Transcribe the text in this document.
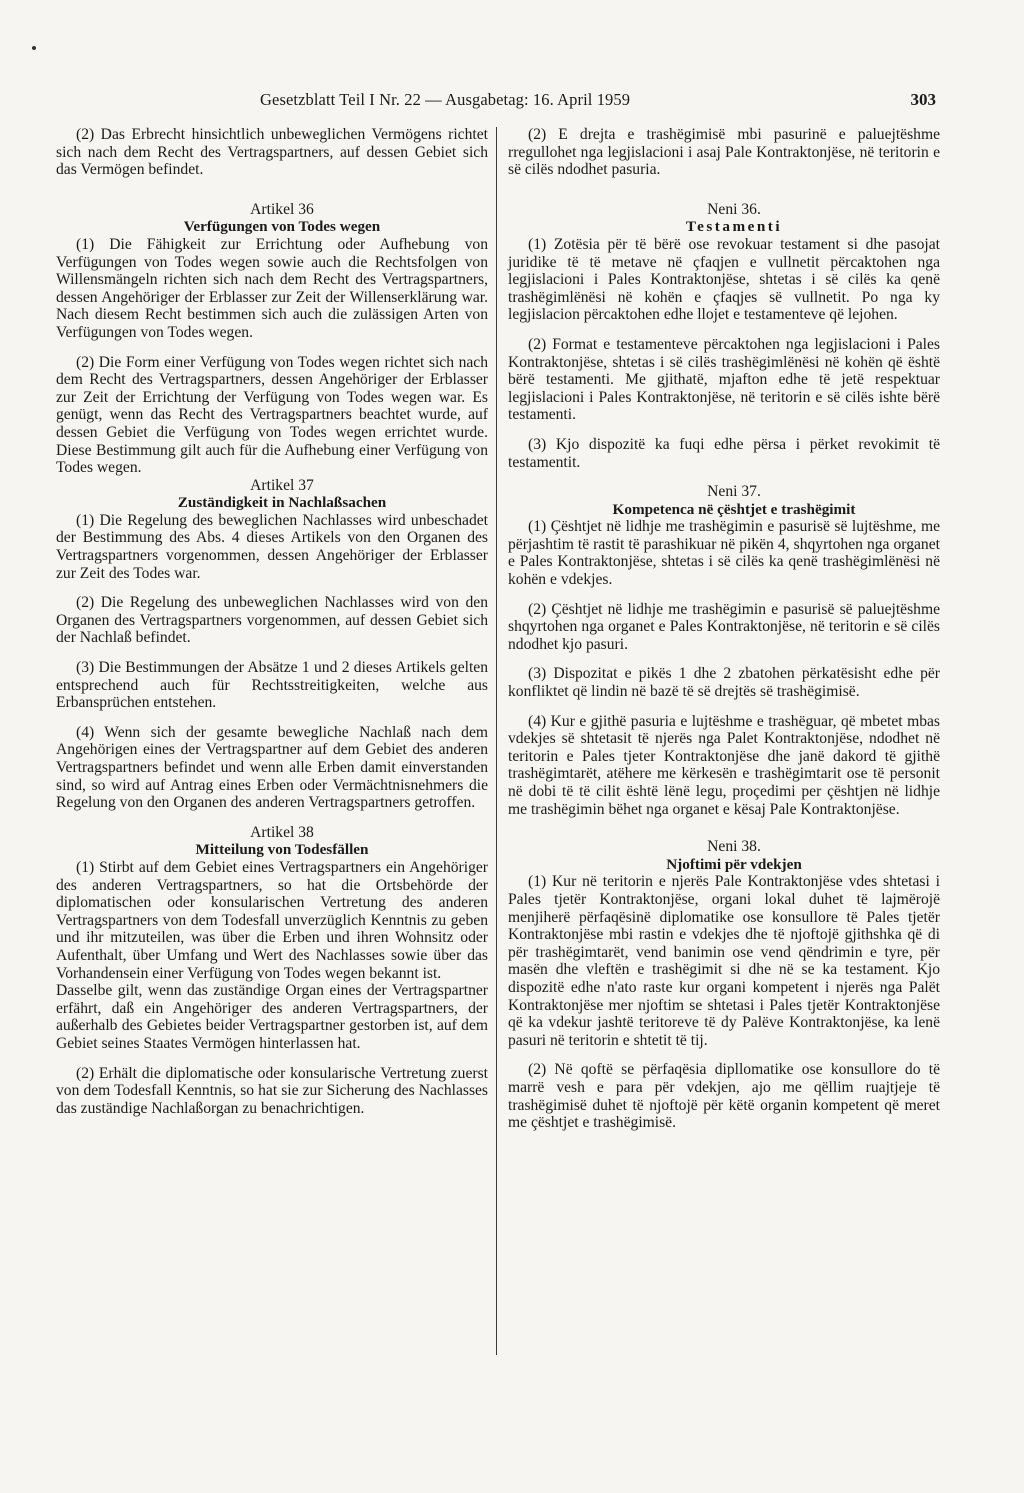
Gesetzblatt Teil I Nr. 22 — Ausgabetag: 16. April 1959	303

(2) Das Erbrecht hinsichtlich unbeweglichen Vermögens richtet sich nach dem Recht des Vertragspartners, auf dessen Gebiet sich das Vermögen befindet.

Artikel 36

Verfügungen von Todes wegen

(1) Die Fähigkeit zur Errichtung oder Aufhebung von Verfügungen von Todes wegen sowie auch die Rechtsfolgen von Willensmängeln richten sich nach dem Recht des Vertragspartners, dessen Angehöriger der Erblasser zur Zeit der Willenserklärung war. Nach diesem Recht bestimmen sich auch die zulässigen Arten von Verfügungen von Todes wegen.

(2) Die Form einer Verfügung von Todes wegen richtet sich nach dem Recht des Vertragspartners, dessen Angehöriger der Erblasser zur Zeit der Errichtung der Verfügung von Todes wegen war. Es genügt, wenn das Recht des Vertragspartners beachtet wurde, auf dessen Gebiet die Verfügung von Todes wegen errichtet wurde. Diese Bestimmung gilt auch für die Aufhebung einer Verfügung von Todes wegen.

Artikel 37

Zuständigkeit in Nachlaßsachen

(1) Die Regelung des beweglichen Nachlasses wird unbeschadet der Bestimmung des Abs. 4 dieses Artikels von den Organen des Vertragspartners vorgenommen, dessen Angehöriger der Erblasser zur Zeit des Todes war.

(2) Die Regelung des unbeweglichen Nachlasses wird von den Organen des Vertragspartners vorgenommen, auf dessen Gebiet sich der Nachlaß befindet.

(3) Die Bestimmungen der Absätze 1 und 2 dieses Artikels gelten entsprechend auch für Rechtsstreitigkeiten, welche aus Erbansprüchen entstehen.

(4) Wenn sich der gesamte bewegliche Nachlaß nach dem Angehörigen eines der Vertragspartner auf dem Gebiet des anderen Vertragspartners befindet und wenn alle Erben damit einverstanden sind, so wird auf Antrag eines Erben oder Vermächtnisnehmers die Regelung von den Organen des anderen Vertragspartners getroffen.

Artikel 38

Mitteilung von Todesfällen

(1) Stirbt auf dem Gebiet eines Vertragspartners ein Angehöriger des anderen Vertragspartners, so hat die Ortsbehörde der diplomatischen oder konsularischen Vertretung des anderen Vertragspartners von dem Todesfall unverzüglich Kenntnis zu geben und ihr mitzuteilen, was über die Erben und ihren Wohnsitz oder Aufenthalt, über Umfang und Wert des Nachlasses sowie über das Vorhandensein einer Verfügung von Todes wegen bekannt ist.

Dasselbe gilt, wenn das zuständige Organ eines der Vertragspartner erfährt, daß ein Angehöriger des anderen Vertragspartners, der außerhalb des Gebietes beider Vertragspartner gestorben ist, auf dem Gebiet seines Staates Vermögen hinterlassen hat.

(2) Erhält die diplomatische oder konsularische Vertretung zuerst von dem Todesfall Kenntnis, so hat sie zur Sicherung des Nachlasses das zuständige Nachlaßorgan zu benachrichtigen.

(2) E drejta e trashëgimisë mbi pasurinë e paluejtëshme rregullohet nga legjislacioni i asaj Pale Kontraktonjëse, në teritorin e së cilës ndodhet pasuria.

Neni 36.

Testamenti

(1) Zotësia për të bërë ose revokuar testament si dhe pasojat juridike të të metave në çfaqjen e vullnetit përcaktohen nga legjislacioni i Pales Kontraktonjëse, shtetas i së cilës ka qenë trashëgimlënësi në kohën e çfaqjes së vullnetit. Po nga ky legjislacion përcaktohen edhe llojet e testamenteve që lejohen.

(2) Format e testamenteve përcaktohen nga legjislacioni i Pales Kontraktonjëse, shtetas i së cilës trashëgimlënësi në kohën që është bërë testamenti. Me gjithatë, mjafton edhe të jetë respektuar legjislacioni i Pales Kontraktonjëse, në teritorin e së cilës ishte bërë testamenti.

(3) Kjo dispozitë ka fuqi edhe përsa i përket revokimit të testamentit.

Neni 37.

Kompetenca në çështjet e trashëgimit

(1) Çështjet në lidhje me trashëgimin e pasurisë së lujtëshme, me përjashtim të rastit të parashikuar në pikën 4, shqyrtohen nga organet e Pales Kontraktonjëse, shtetas i së cilës ka qenë trashëgimlënësi në kohën e vdekjes.

(2) Çështjet në lidhje me trashëgimin e pasurisë së paluejtëshme shqyrtohen nga organet e Pales Kontraktonjëse, në teritorin e së cilës ndodhet kjo pasuri.

(3) Dispozitat e pikës 1 dhe 2 zbatohen përkatësisht edhe për konfliktet që lindin në bazë të së drejtës së trashëgimisë.

(4) Kur e gjithë pasuria e lujtëshme e trashëguar, që mbetet mbas vdekjes së shtetasit të njerës nga Palet Kontraktonjëse, ndodhet në teritorin e Pales tjeter Kontraktonjëse dhe janë dakord të gjithë trashëgimtarët, atëhere me kërkesën e trashëgimtarit ose të personit në dobi të të cilit është lënë legu, proçedimi per çështjen në lidhje me trashëgimin bëhet nga organet e kësaj Pale Kontraktonjëse.

Neni 38.

Njoftimi për vdekjen

(1) Kur në teritorin e njerës Pale Kontraktonjëse vdes shtetasi i Pales tjetër Kontraktonjëse, organi lokal duhet të lajmërojë menjiherë përfaqësinë diplomatike ose konsullore të Pales tjetër Kontraktonjëse mbi rastin e vdekjes dhe të njoftojë gjithshka që di për trashëgimtarët, vend banimin ose vend qëndrimin e tyre, për masën dhe vleftën e trashëgimit si dhe në se ka testament. Kjo dispozitë edhe n'ato raste kur organi kompetent i njerës nga Palët Kontraktonjëse mer njoftim se shtetasi i Pales tjetër Kontraktonjëse që ka vdekur jashtë teritoreve të dy Palëve Kontraktonjëse, ka lenë pasuri në teritorin e shtetit të tij.

(2) Në qoftë se përfaqësia dipllomatike ose konsullore do të marrë vesh e para për vdekjen, ajo me qëllim ruajtjeje të trashëgimisë duhet të njoftojë për këtë organin kompetent që meret me çështjet e trashëgimisë.
